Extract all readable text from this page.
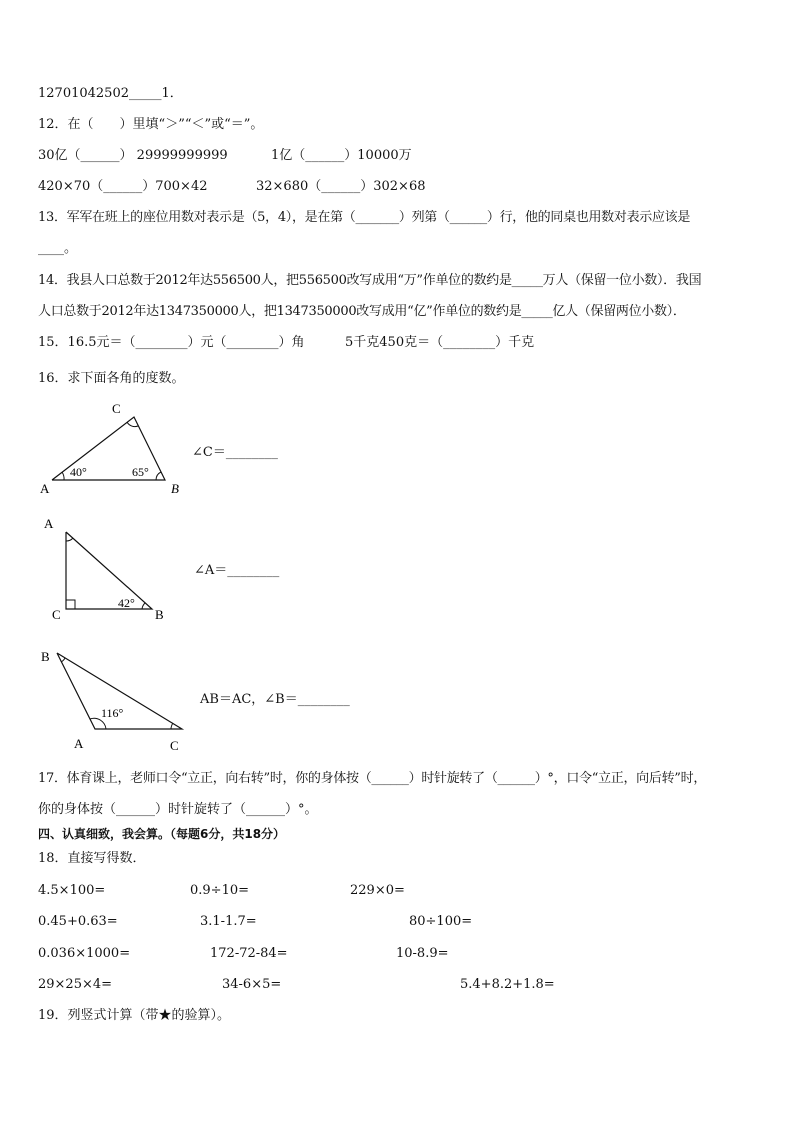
12701042502_____1．
12．在（　　）里填“＞”“＜”或“＝”。
30亿（______） 29999999999	1亿（______）10000万
420×70（______）700×42	32×680（______）302×68
13．军军在班上的座位用数对表示是（5，4），是在第（_______）列第（______）行，他的同桌也用数对表示应该是
____。
14．我县人口总数于2012年达556500人，把556500改写成用“万”作单位的数约是_____万人（保留一位小数）．我国
人口总数于2012年达1347350000人，把1347350000改写成用“亿”作单位的数约是_____亿人（保留两位小数）．
15．16.5元＝（________）元（________）角	5千克450克＝（________）千克
16．求下面各角的度数。
C
A	B
40°	65°
∠C＝________
A
C	B
42°
∠A＝________
B
A	C
116°
AB＝AC，∠B＝________
17．体育课上，老师口令“立正，向右转”时，你的身体按（______）时针旋转了（______）°，口令“立正，向后转”时，
你的身体按（______）时针旋转了（______）°。
四、认真细致，我会算。（每题6分，共18分）
18．直接写得数．
4.5×100=	0.9÷10=	229×0=
0.45+0.63=	3.1-1.7=	80÷100=
0.036×1000=	172-72-84=	10-8.9=
29×25×4=	34-6×5=	5.4+8.2+1.8=
19．列竖式计算（带★的验算）。
